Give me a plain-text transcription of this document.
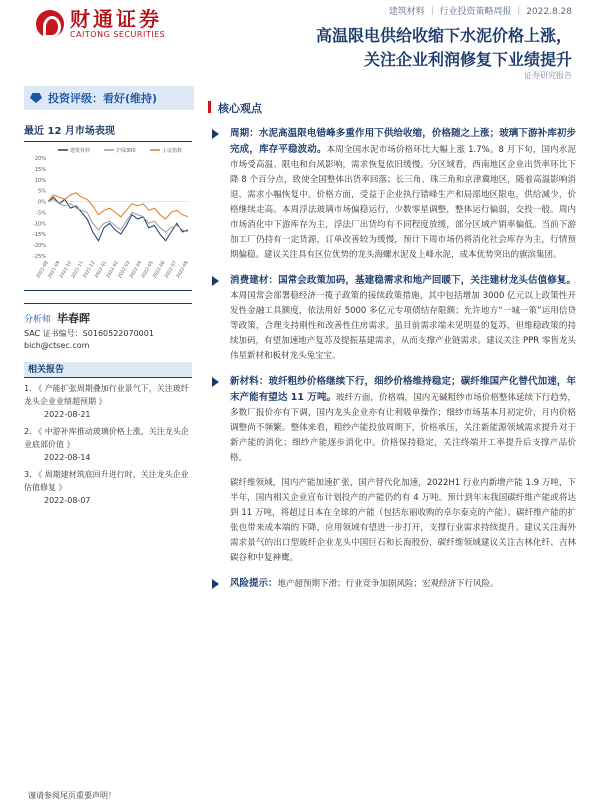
财通证券
CAITONG SECURITIES
建筑材料 ｜ 行业投资策略周报 ｜ 2022.8.28
高温限电供给收缩下水泥价格上涨，
关注企业利润修复下业绩提升
证券研究报告
投资评级：看好(维持)
最近 12 月市场表现
建筑材料	沪深300	上证指数
20%
15%
10%
5%
0%
-5%
-10%
-15%
-20%
-25%
2021-08
2021-09
2021-10
2021-11
2021-12
2022-01
2022-02
2022-03
2022-04
2022-05
2022-06
2022-07
2022-08
分析师 毕春晖
SAC 证书编号：S0160522070001
bich@ctsec.com
相关报告
1. 《 产能扩张周期叠加行业景气下，关注玻纤龙头企业业绩超预期 》
2022-08-21
2. 《 中游补库推动玻璃价格上涨，关注龙头企业底部价值 》
2022-08-14
3. 《 周期建材筑底回升进行时，关注龙头企业估值修复 》
2022-08-07
核心观点
周期：水泥高温限电错峰多重作用下供给收缩，价格随之上涨；玻璃下游补库初步完成，库存平稳波动。本周全国水泥市场价格环比大幅上涨 1.7%。8 月下旬，国内水泥市场受高温、限电和台风影响，需求恢复依旧缓慢。分区域看，西南地区企业出货率环比下降 8 个百分点，致使全国整体出货率回落；长三角、珠三角和京津冀地区，随着高温影响消退，需求小幅恢复中。价格方面，受益于企业执行错峰生产和局部地区限电，供给减少，价格继续走高。本周浮法玻璃市场偏稳运行，少数零星调整，整体运行偏弱，交投一般。周内市场消化中下游库存为主，浮法厂出货均有不同程度放缓，部分区域产销率偏低。当前下游加工厂仍持有一定货源，订单改善较为缓慢，预计下周市场仍将消化社会库存为主，行情预期偏稳。建议关注具有区位优势的龙头海螺水泥及上峰水泥，成本优势突出的旗滨集团。
消费建材：国常会政策加码，基建稳需求和地产回暖下，关注建材龙头估值修复。本周国常会部署稳经济一揽子政策的接续政策措施，其中包括增加 3000 亿元以上政策性开发性金融工具额度，依法用好 5000 多亿元专项债结存限额；允许地方“一城一策”运用信贷等政策，合理支持刚性和改善性住房需求。虽目前需求端未见明显的复苏，但维稳政策的持续加码，有望加速地产复苏及提振基建需求，从而支撑产业链需求。建议关注 PPR 零售龙头伟星新材和板材龙头兔宝宝。
新材料：玻纤粗纱价格继续下行，细纱价格维持稳定；碳纤维国产化替代加速，年末产能有望达 11 万吨。玻纤方面，价格端，国内无碱粗纱市场价格整体延续下行趋势，多数厂报价亦有下调，国内龙头企业亦有让利吸单操作；细纱市场基本月初定价，月内价格调整尚不频繁。整体来看，粗纱产能投放周期下，价格承压，关注新能源领域需求提升对于新产能的消化；细纱产能逐步消化中。价格保持稳定，关注终端开工率提升后支撑产品价格。
碳纤维领域，国内产能加速扩张，国产替代化加速，2022H1 行业内新增产能 1.9 万吨，下半年，国内相关企业宣布计划投产的产能仍约有 4 万吨。预计到年末我国碳纤维产能或将达到 11 万吨，将超过日本在全球的产能（包括东丽收购的卓尔泰克的产能）。碳纤维产能的扩张也带来成本端的下降，应用领域有望进一步打开，支撑行业需求持续提升。建议关注海外需求景气的出口型玻纤企业龙头中国巨石和长海股份，碳纤维领域建议关注吉林化纤、吉林碳谷和中复神鹰。
风险提示：地产超预期下滑；行业竞争加剧风险；宏观经济下行风险。
谨请参阅尾页重要声明！
